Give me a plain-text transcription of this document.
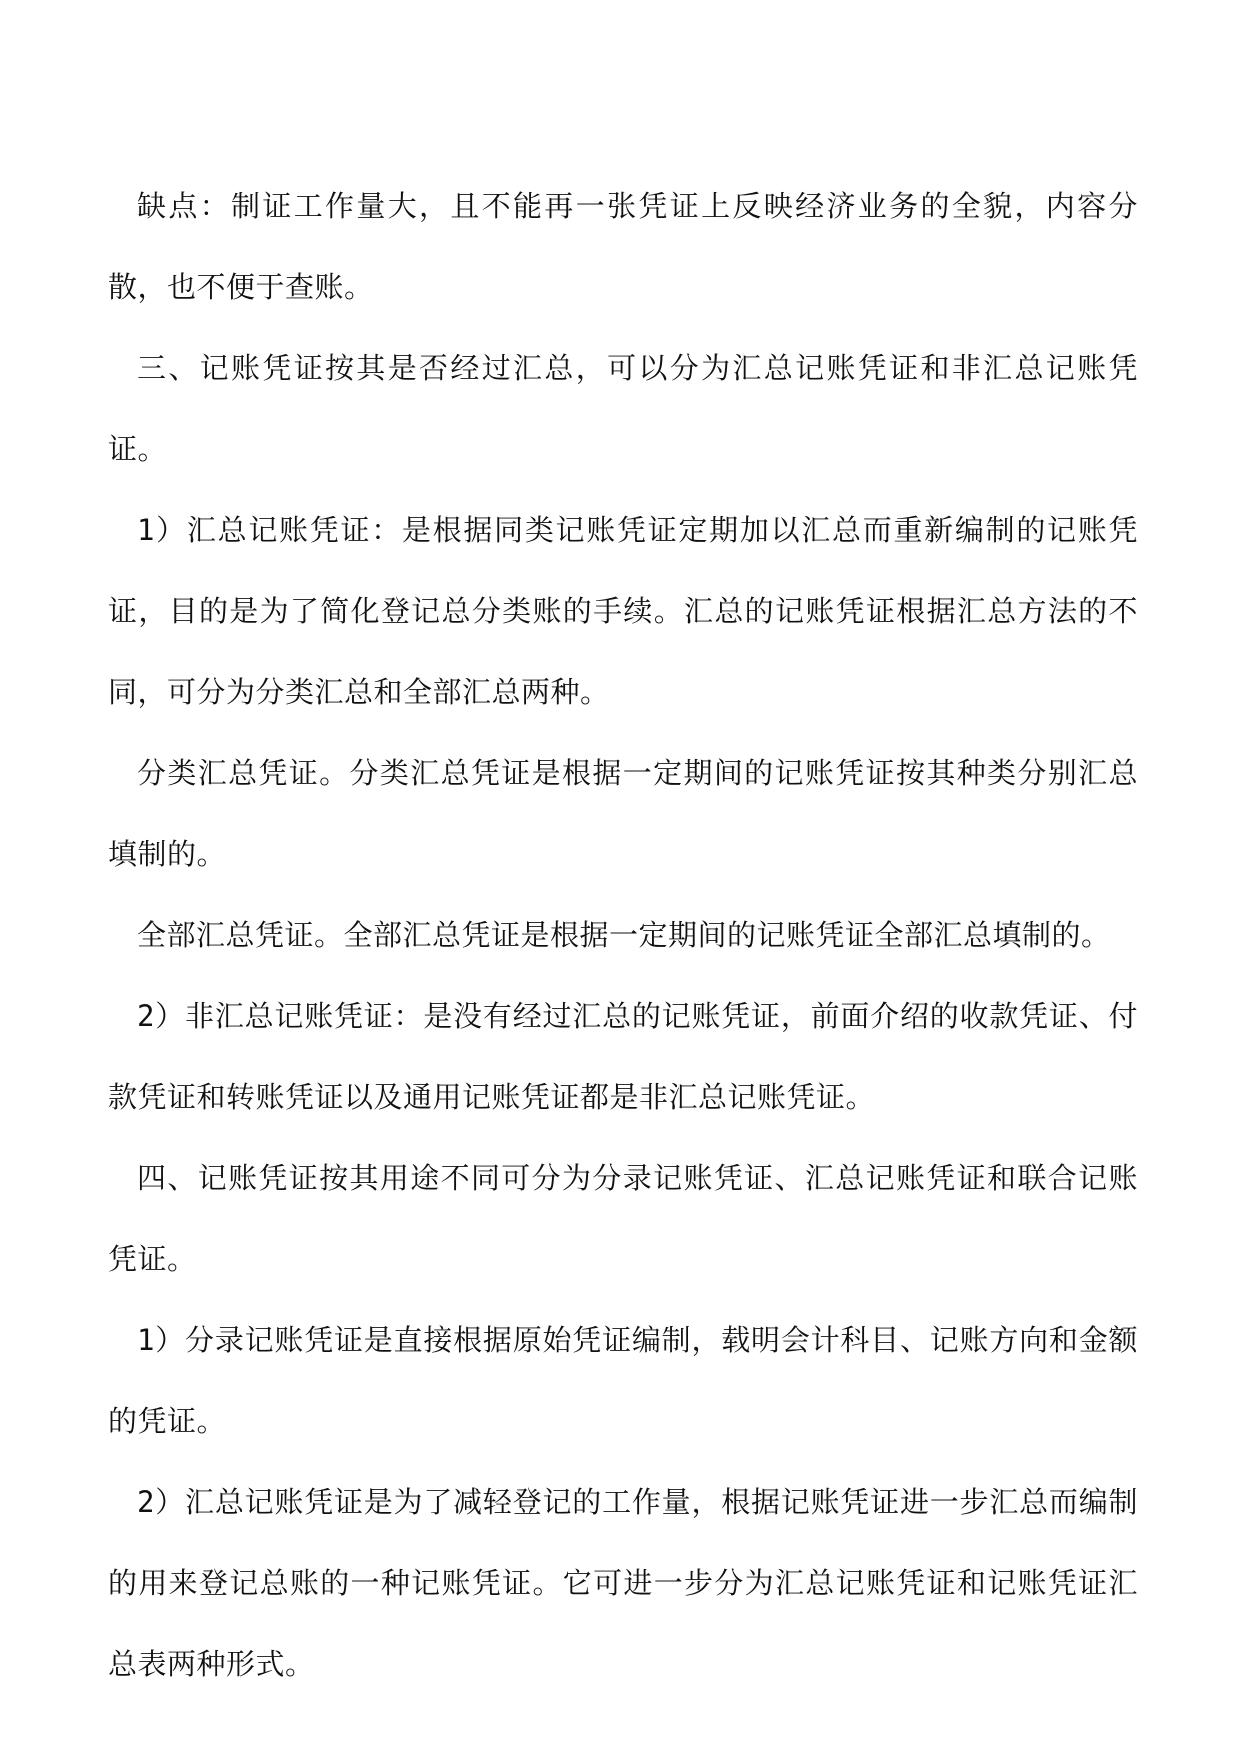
缺点：制证工作量大，且不能再一张凭证上反映经济业务的全貌，内容分散，也不便于查账。

三、记账凭证按其是否经过汇总，可以分为汇总记账凭证和非汇总记账凭证。

1）汇总记账凭证：是根据同类记账凭证定期加以汇总而重新编制的记账凭证，目的是为了简化登记总分类账的手续。汇总的记账凭证根据汇总方法的不同，可分为分类汇总和全部汇总两种。

分类汇总凭证。分类汇总凭证是根据一定期间的记账凭证按其种类分别汇总填制的。

全部汇总凭证。全部汇总凭证是根据一定期间的记账凭证全部汇总填制的。

2）非汇总记账凭证：是没有经过汇总的记账凭证，前面介绍的收款凭证、付款凭证和转账凭证以及通用记账凭证都是非汇总记账凭证。

四、记账凭证按其用途不同可分为分录记账凭证、汇总记账凭证和联合记账凭证。

1）分录记账凭证是直接根据原始凭证编制，载明会计科目、记账方向和金额的凭证。

2）汇总记账凭证是为了减轻登记的工作量，根据记账凭证进一步汇总而编制的用来登记总账的一种记账凭证。它可进一步分为汇总记账凭证和记账凭证汇总表两种形式。
